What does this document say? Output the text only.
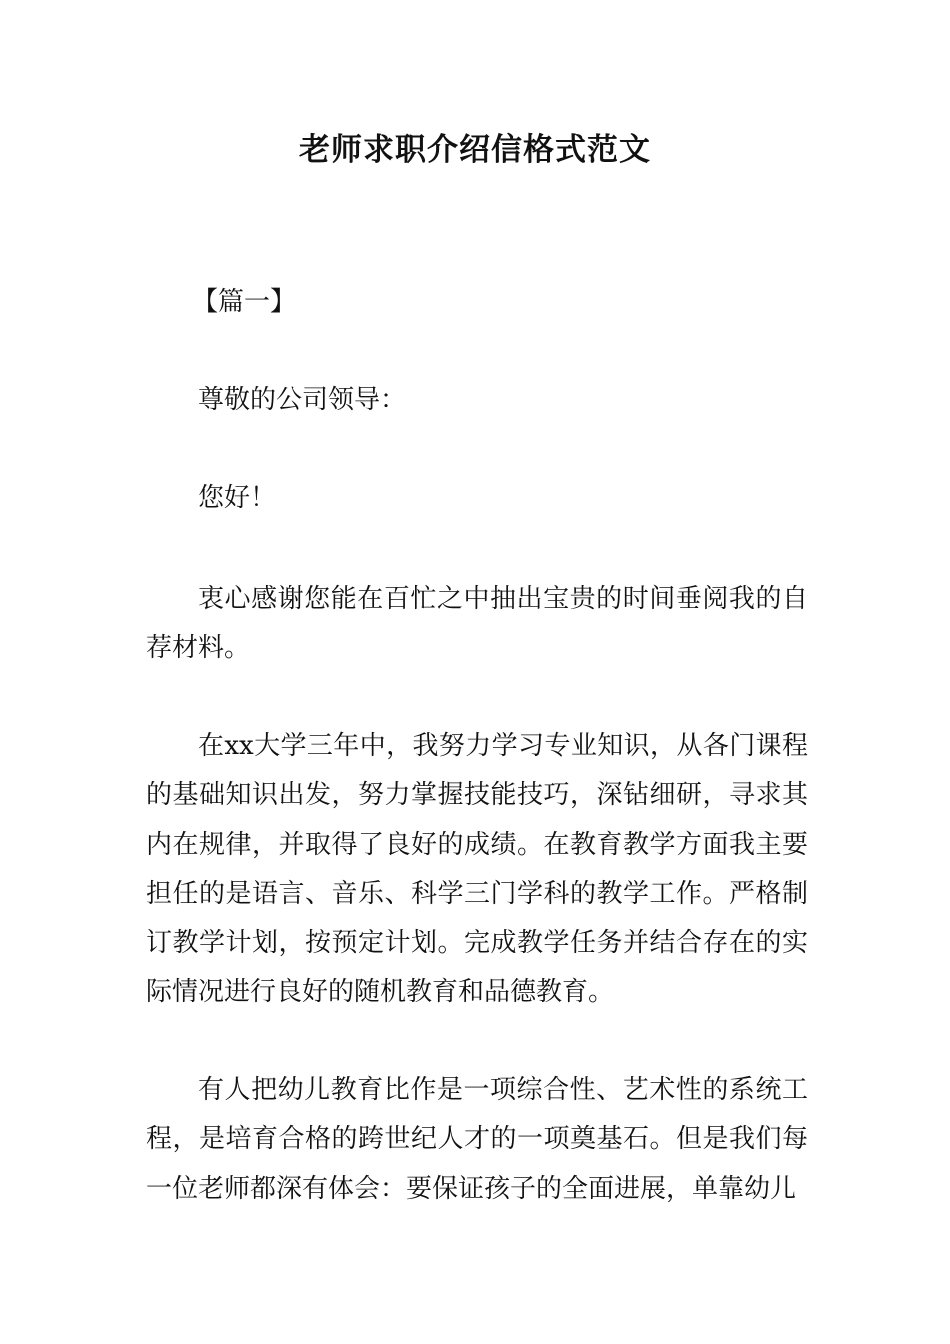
老师求职介绍信格式范文

【篇一】

尊敬的公司领导：

您好！

衷心感谢您能在百忙之中抽出宝贵的时间垂阅我的自荐材料。

在xx大学三年中，我努力学习专业知识，从各门课程的基础知识出发，努力掌握技能技巧，深钻细研，寻求其内在规律，并取得了良好的成绩。在教育教学方面我主要担任的是语言、音乐、科学三门学科的教学工作。严格制订教学计划，按预定计划。完成教学任务并结合存在的实际情况进行良好的随机教育和品德教育。

有人把幼儿教育比作是一项综合性、艺术性的系统工程，是培育合格的跨世纪人才的一项奠基石。但是我们每一位老师都深有体会：要保证孩子的全面进展，单靠幼儿
